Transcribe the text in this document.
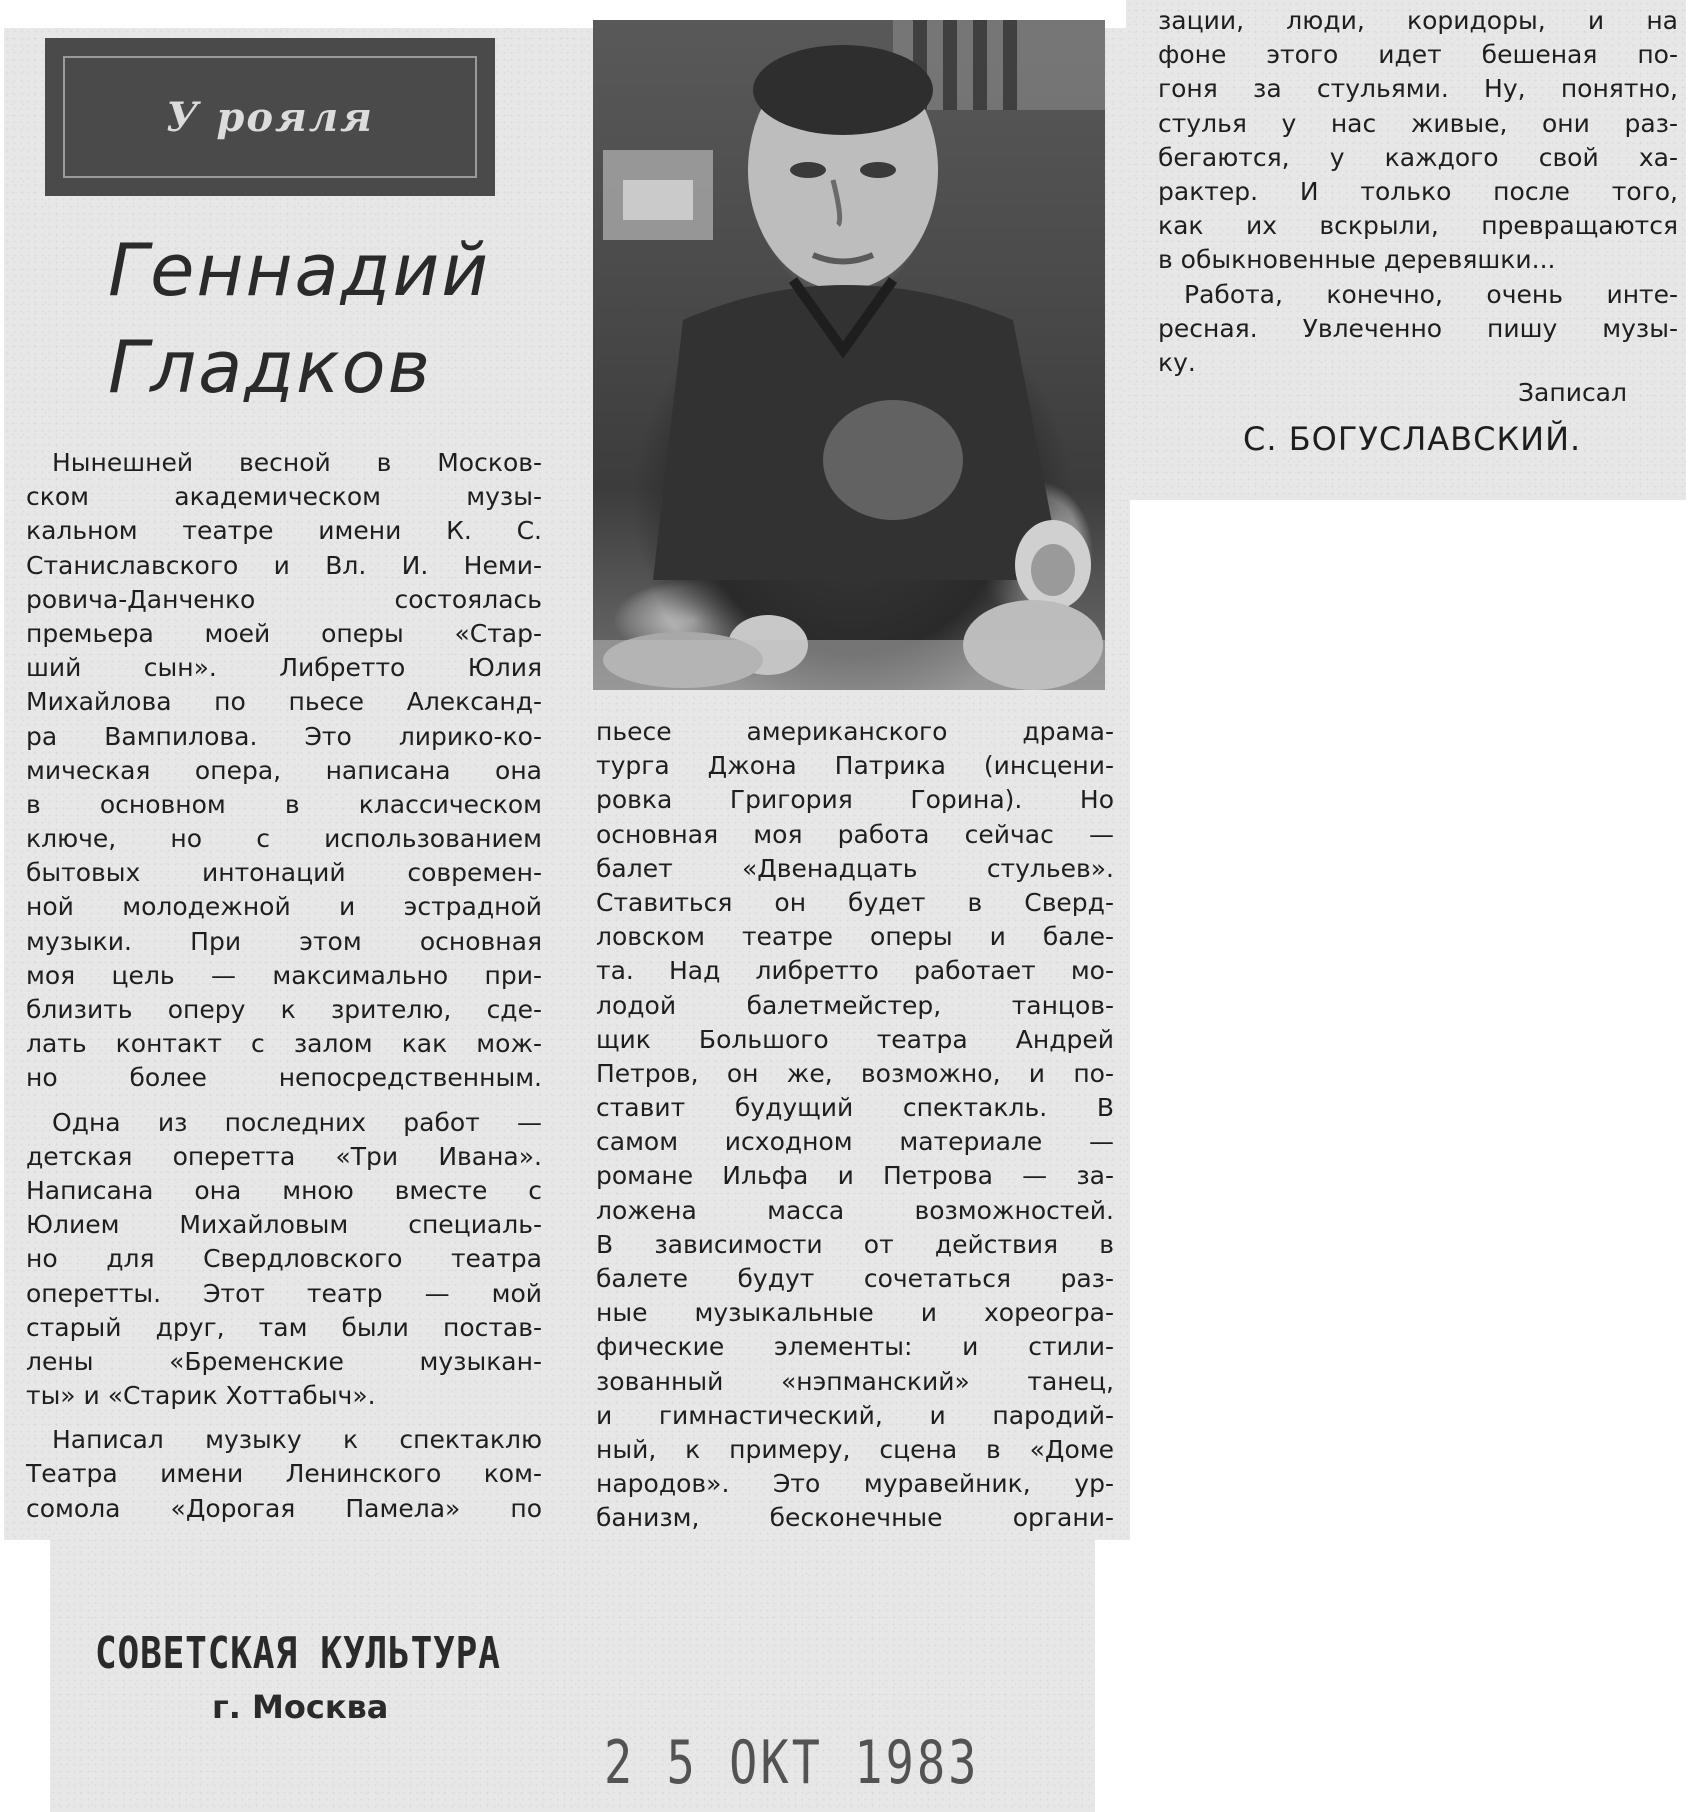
У рояля
Геннадий
Гладков
Нынешней весной в Москов-
ском академическом музы-
кальном театре имени К. С.
Станиславского и Вл. И. Неми-
ровича-Данченко состоялась
премьера моей оперы «Стар-
ший сын». Либретто Юлия
Михайлова по пьесе Александ-
ра Вампилова. Это лирико-ко-
мическая опера, написана она
в основном в классическом
ключе, но с использованием
бытовых интонаций современ-
ной молодежной и эстрадной
музыки. При этом основная
моя цель — максимально при-
близить оперу к зрителю, сде-
лать контакт с залом как мож-
но более непосредственным.
Одна из последних работ —
детская оперетта «Три Ивана».
Написана она мною вместе с
Юлием Михайловым специаль-
но для Свердловского театра
оперетты. Этот театр — мой
старый друг, там были постав-
лены «Бременские музыкан-
ты» и «Старик Хоттабыч».
Написал музыку к спектаклю
Театра имени Ленинского ком-
сомола «Дорогая Памела» по
пьесе американского драма-
турга Джона Патрика (инсцени-
ровка Григория Горина). Но
основная моя работа сейчас —
балет «Двенадцать стульев».
Ставиться он будет в Сверд-
ловском театре оперы и бале-
та. Над либретто работает мо-
лодой балетмейстер, танцов-
щик Большого театра Андрей
Петров, он же, возможно, и по-
ставит будущий спектакль. В
самом исходном материале —
романе Ильфа и Петрова — за-
ложена масса возможностей.
В зависимости от действия в
балете будут сочетаться раз-
ные музыкальные и хореогра-
фические элементы: и стили-
зованный «нэпманский» танец,
и гимнастический, и пародий-
ный, к примеру, сцена в «Доме
народов». Это муравейник, ур-
банизм, бесконечные органи-
зации, люди, коридоры, и на
фоне этого идет бешеная по-
гоня за стульями. Ну, понятно,
стулья у нас живые, они раз-
бегаются, у каждого свой ха-
рактер. И только после того,
как их вскрыли, превращаются
в обыкновенные деревяшки...
Работа, конечно, очень инте-
ресная. Увлеченно пишу музы-
ку.
Записал
С. БОГУСЛАВСКИЙ.
СОВЕТСКАЯ КУЛЬТУРА
г. Москва
2 5 ОКТ 1983
